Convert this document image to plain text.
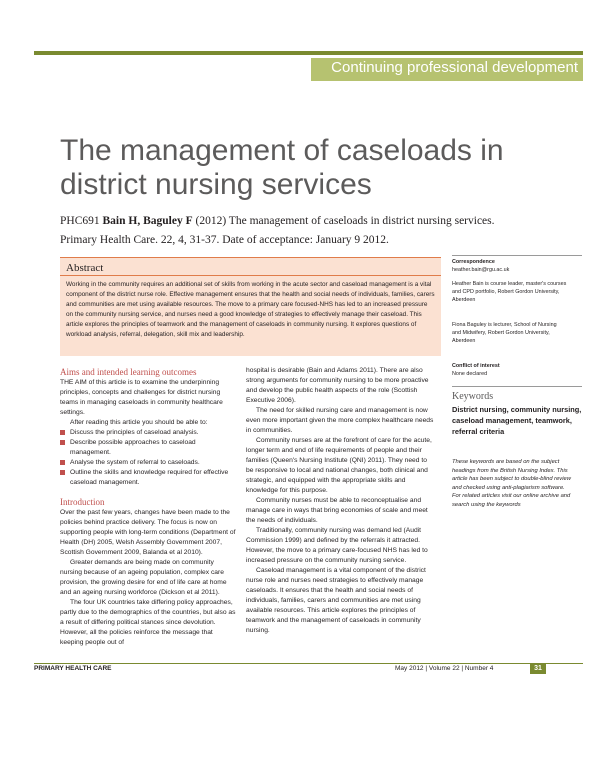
Continuing professional development
The management of caseloads in district nursing services
PHC691 Bain H, Baguley F (2012) The management of caseloads in district nursing services. Primary Health Care. 22, 4, 31-37. Date of acceptance: January 9 2012.
Abstract
Working in the community requires an additional set of skills from working in the acute sector and caseload management is a vital component of the district nurse role. Effective management ensures that the health and social needs of individuals, families, carers and communities are met using available resources. The move to a primary care focused-NHS has led to an increased pressure on the community nursing service, and nurses need a good knowledge of strategies to effectively manage their caseload. This article explores the principles of teamwork and the management of caseloads in community nursing. It explores questions of workload analysis, referral, delegation, skill mix and leadership.
Aims and intended learning outcomes

THE AIM of this article is to examine the underpinning principles, concepts and challenges for district nursing teams in managing caseloads in community healthcare settings.

After reading this article you should be able to:

Discuss the principles of caseload analysis.
Describe possible approaches to caseload management.
Analyse the system of referral to caseloads.
Outline the skills and knowledge required for effective caseload management.
Introduction

Over the past few years, changes have been made to the policies behind practice delivery. The focus is now on supporting people with long-term conditions (Department of Health (DH) 2005, Welsh Assembly Government 2007, Scottish Government 2009, Balanda et al 2010).

Greater demands are being made on community nursing because of an ageing population, complex care provision, the growing desire for end of life care at home and an ageing nursing workforce (Dickson et al 2011).

The four UK countries take differing policy approaches, partly due to the demographics of the countries, but also as a result of differing political stances since devolution. However, all the policies reinforce the message that keeping people out of

hospital is desirable (Bain and Adams 2011). There are also strong arguments for community nursing to be more proactive and develop the public health aspects of the role (Scottish Executive 2006).

The need for skilled nursing care and management is now even more important given the more complex healthcare needs in communities.

Community nurses are at the forefront of care for the acute, longer term and end of life requirements of people and their families (Queen's Nursing Institute (QNI) 2011). They need to be responsive to local and national changes, both clinical and strategic, and equipped with the appropriate skills and knowledge for this purpose.

Community nurses must be able to reconceptualise and manage care in ways that bring economies of scale and meet the needs of individuals.

Traditionally, community nursing was demand led (Audit Commission 1999) and defined by the referrals it attracted. However, the move to a primary care-focused NHS has led to increased pressure on the community nursing service.

Caseload management is a vital component of the district nurse role and nurses need strategies to effectively manage caseloads. It ensures that the health and social needs of individuals, families, carers and communities are met using available resources. This article explores the principles of teamwork and the management of caseloads in community nursing.

Correspondence
heather.bain@rgu.ac.uk
Heather Bain is course leader, master's courses and CPD portfolio, Robert Gordon University, Aberdeen
Fiona Baguley is lecturer, School of Nursing and Midwifery, Robert Gordon University, Aberdeen
Conflict of interest
None declared
Keywords
District nursing, community nursing, caseload management, teamwork, referral criteria
These keywords are based on the subject headings from the British Nursing Index. This article has been subject to double-blind review and checked using anti-plagiarism software. For related articles visit our online archive and search using the keywords
PRIMARY HEALTH CARE	May 2012 | Volume 22 | Number 4	31
